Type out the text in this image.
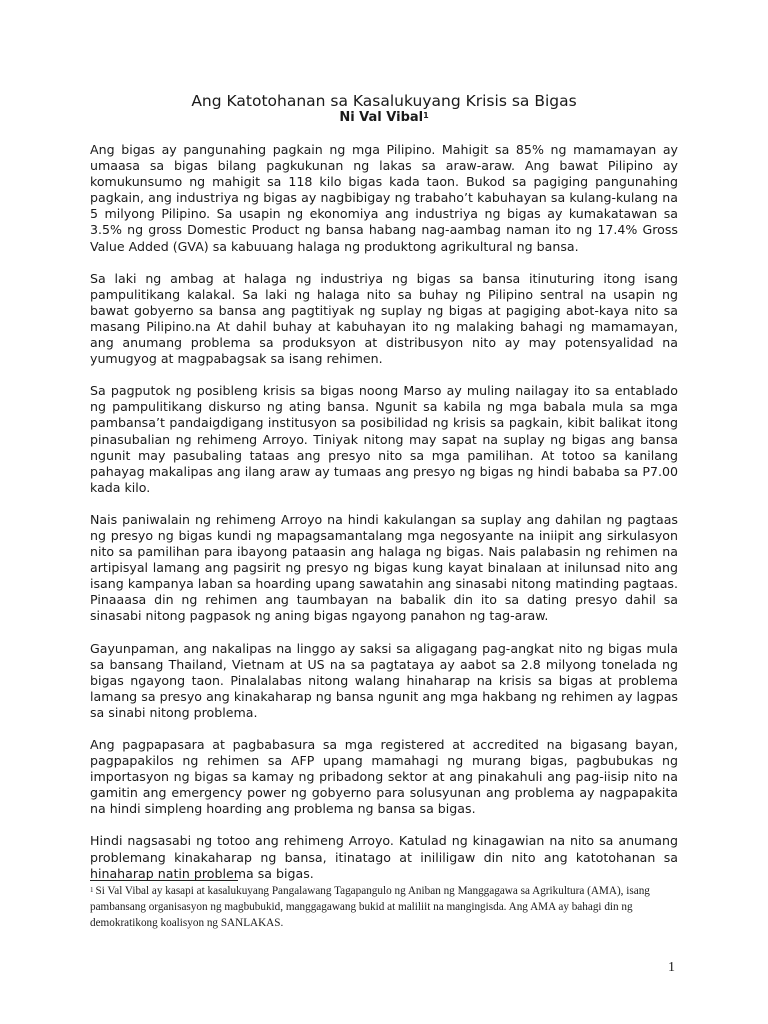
Ang Katotohanan sa Kasalukuyang Krisis sa Bigas
Ni Val Vibal$^1$

Ang bigas ay pangunahing pagkain ng mga Pilipino. Mahigit sa 85% ng mamamayan ay umaasa sa bigas bilang pagkukunan ng lakas sa araw-araw. Ang bawat Pilipino ay komukunsumo ng mahigit sa 118 kilo bigas kada taon. Bukod sa pagiging pangunahing pagkain, ang industriya ng bigas ay nagbibigay ng trabaho’t kabuhayan sa kulang-kulang na 5 milyong Pilipino. Sa usapin ng ekonomiya ang industriya ng bigas ay kumakatawan sa 3.5% ng gross Domestic Product ng bansa habang nag-aambag naman ito ng 17.4% Gross Value Added (GVA) sa kabuuang halaga ng produktong agrikultural ng bansa.

Sa laki ng ambag at halaga ng industriya ng bigas sa bansa itinuturing itong isang pampulitikang kalakal. Sa laki ng halaga nito sa buhay ng Pilipino sentral na usapin ng bawat gobyerno sa bansa ang pagtitiyak ng suplay ng bigas at pagiging abot-kaya nito sa masang Pilipino.na At dahil buhay at kabuhayan ito ng malaking bahagi ng mamamayan, ang anumang problema sa produksyon at distribusyon nito ay may potensyalidad na yumugyog at magpabagsak sa isang rehimen.

Sa pagputok ng posibleng krisis sa bigas noong Marso ay muling nailagay ito sa entablado ng pampulitikang diskurso ng ating bansa. Ngunit sa kabila ng mga babala mula sa mga pambansa’t pandaigdigang institusyon sa posibilidad ng krisis sa pagkain, kibit balikat itong pinasubalian ng rehimeng Arroyo. Tiniyak nitong may sapat na suplay ng bigas ang bansa ngunit may pasubaling tataas ang presyo nito sa mga pamilihan. At totoo sa kanilang pahayag makalipas ang ilang araw ay tumaas ang presyo ng bigas ng hindi bababa sa P7.00 kada kilo.

Nais paniwalain ng rehimeng Arroyo na hindi kakulangan sa suplay ang dahilan ng pagtaas ng presyo ng bigas kundi ng mapagsamantalang mga negosyante na iniipit ang sirkulasyon nito sa pamilihan para ibayong pataasin ang halaga ng bigas. Nais palabasin ng rehimen na artipisyal lamang ang pagsirit ng presyo ng bigas kung kayat binalaan at inilunsad nito ang isang kampanya laban sa hoarding upang sawatahin ang sinasabi nitong matinding pagtaas. Pinaaasa din ng rehimen ang taumbayan na babalik din ito sa dating presyo dahil sa sinasabi nitong pagpasok ng aning bigas ngayong panahon ng tag-araw.

Gayunpaman, ang nakalipas na linggo ay saksi sa aligagang pag-angkat nito ng bigas mula sa bansang Thailand, Vietnam at US na sa pagtataya ay aabot sa 2.8 milyong tonelada ng bigas ngayong taon. Pinalalabas nitong walang hinaharap na krisis sa bigas at problema lamang sa presyo ang kinakaharap ng bansa ngunit ang mga hakbang ng rehimen ay lagpas sa sinabi nitong problema.

Ang pagpapasara at pagbabasura sa mga registered at accredited na bigasang bayan, pagpapakilos ng rehimen sa AFP upang mamahagi ng murang bigas, pagbubukas ng importasyon ng bigas sa kamay ng pribadong sektor at ang pinakahuli ang pag-iisip nito na gamitin ang emergency power ng gobyerno para solusyunan ang problema ay nagpapakita na hindi simpleng hoarding ang problema ng bansa sa bigas.

Hindi nagsasabi ng totoo ang rehimeng Arroyo. Katulad ng kinagawian na nito sa anumang problemang kinakaharap ng bansa, itinatago at inililigaw din nito ang katotohanan sa hinaharap natin problema sa bigas.

$^1$ Si Val Vibal ay kasapi at kasalukuyang Pangalawang Tagapangulo ng Aniban ng Manggagawa sa Agrikultura (AMA), isang pambansang organisasyon ng magbubukid, manggagawang bukid at maliliit na mangingisda. Ang AMA ay bahagi din ng demokratikong koalisyon ng SANLAKAS.
1
